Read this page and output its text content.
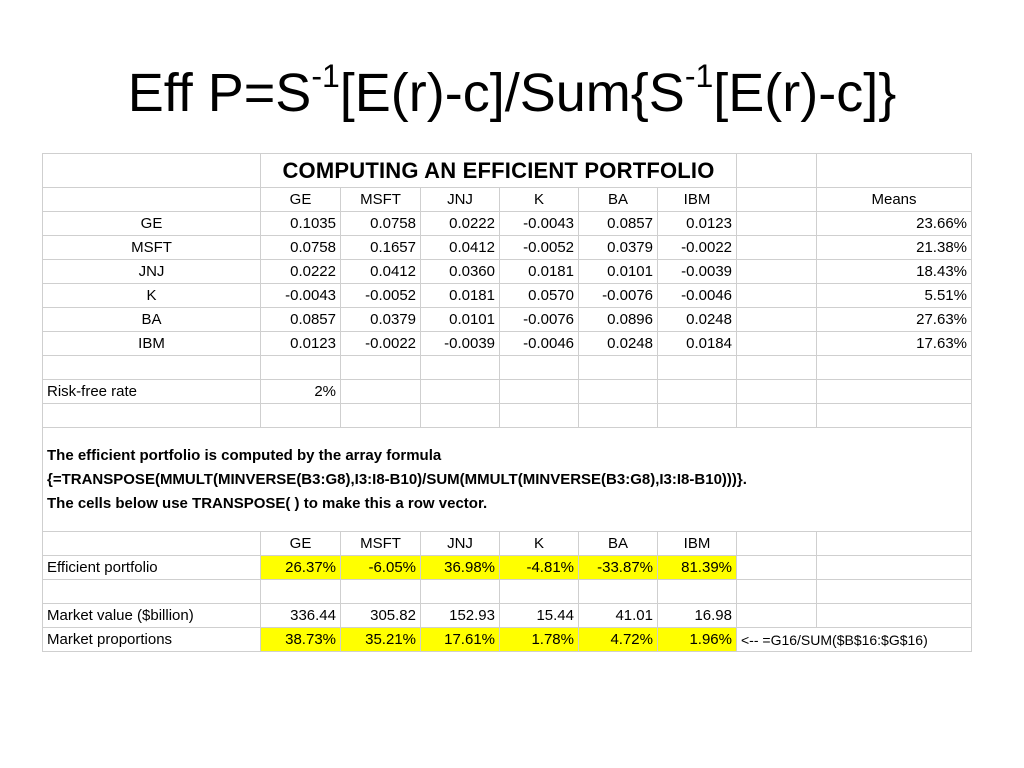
Eff $P=S^{-1}[E(r)-c]/Sum\{S^{-1}[E(r)-c]\}$
	COMPUTING AN EFFICIENT PORTFOLIO							
	GE	MSFT	JNJ	K	BA	IBM		Means
GE	0.1035	0.0758	0.0222	-0.0043	0.0857	0.0123		23.66%
MSFT	0.0758	0.1657	0.0412	-0.0052	0.0379	-0.0022		21.38%
JNJ	0.0222	0.0412	0.0360	0.0181	0.0101	-0.0039		18.43%
K	-0.0043	-0.0052	0.0181	0.0570	-0.0076	-0.0046		5.51%
BA	0.0857	0.0379	0.0101	-0.0076	0.0896	0.0248		27.63%
IBM	0.0123	-0.0022	-0.0039	-0.0046	0.0248	0.0184		17.63%

Risk-free rate	2%							

The efficient portfolio is computed by the array formula
{=TRANSPOSE(MMULT(MINVERSE(B3:G8),I3:I8-B10)/SUM(MMULT(MINVERSE(B3:G8),I3:I8-B10)))}.
The cells below use TRANSPOSE( ) to make this a row vector.								

	GE	MSFT	JNJ	K	BA	IBM		
Efficient portfolio	26.37%	-6.05%	36.98%	-4.81%	-33.87%	81.39%		

Market value ($billion)	336.44	305.82	152.93	15.44	41.01	16.98		
Market proportions	38.73%	35.21%	17.61%	1.78%	4.72%	1.96%	<-- =G16/SUM($B$16:$G$16)	
